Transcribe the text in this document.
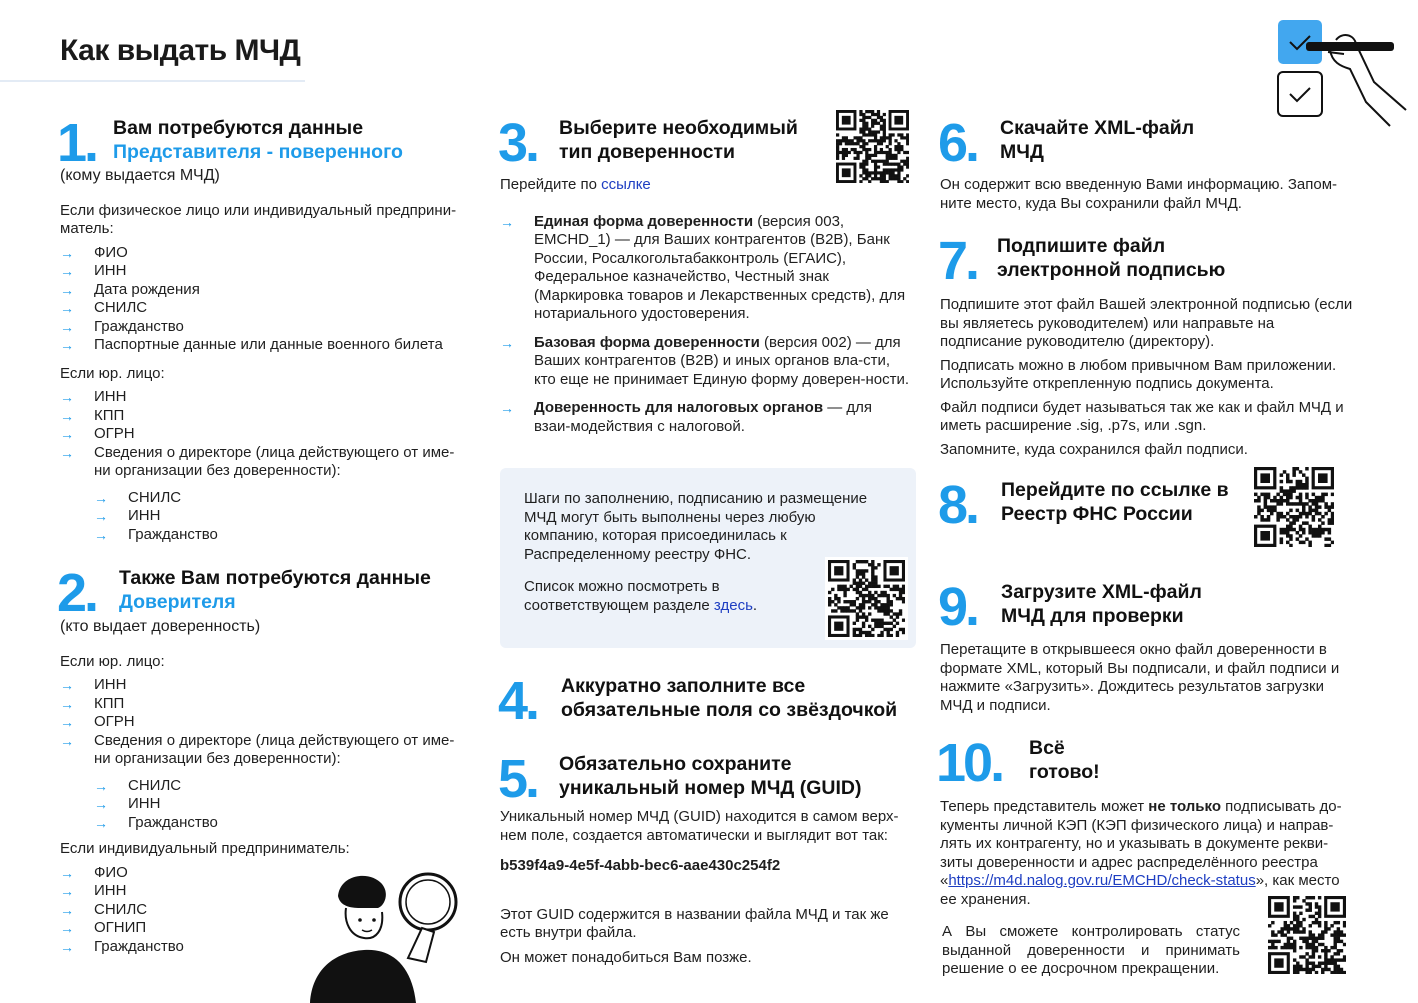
Как выдать МЧД
1. Вам потребуются данные
Представителя - поверенного
(кому выдается МЧД)

Если физическое лицо или индивидуальный предприни-матель:

→ ФИО
→ ИНН
→ Дата рождения
→ СНИЛС
→ Гражданство
→ Паспортные данные или данные военного билета

Если юр. лицо:

→ ИНН
→ КПП
→ ОГРН
→ Сведения о директоре (лица действующего от име-ни организации без доверенности):
→ СНИЛС
→ ИНН
→ Гражданство
2. Также Вам потребуются данные
Доверителя
(кто выдает доверенность)

Если юр. лицо:

→ ИНН
→ КПП
→ ОГРН
→ Сведения о директоре (лица действующего от име-ни организации без доверенности):
→ СНИЛС
→ ИНН
→ Гражданство

Если индивидуальный предприниматель:

→ ФИО
→ ИНН
→ СНИЛС
→ ОГНИП
→ Гражданство
3. Выберите необходимый
тип доверенности

Перейдите по ссылке

→ Единая форма доверенности (версия 003, EMCHD_1) — для Ваших контрагентов (B2B), Банк России, Росалкогольтабакконтроль (ЕГАИС), Федеральное казначейство, Честный знак (Маркировка товаров и Лекарственных средств), для нотариального удостоверения.
→ Базовая форма доверенности (версия 002) — для Ваших контрагентов (B2B) и иных органов вла-сти, кто еще не принимает Единую форму доверен-ности.
→ Доверенность для налоговых органов — для взаи-модействия с налоговой.

Шаги по заполнению, подписанию и размещение МЧД могут быть выполнены через любую компанию, которая присоединилась к Распределенному реестру ФНС.

Список можно посмотреть в соответствующем разделе здесь.

4. Аккуратно заполните все
обязательные поля со звёздочкой
5. Обязательно сохраните
уникальный номер МЧД (GUID)

Уникальный номер МЧД (GUID) находится в самом верх-нем поле, создается автоматически и выглядит вот так:

b539f4a9-4e5f-4abb-bec6-aae430c254f2

Этот GUID содержится в названии файла МЧД и так же есть внутри файла.

Он может понадобиться Вам позже.

6. Скачайте XML-файл
МЧД

Он содержит всю введенную Вами информацию. Запом-ните место, куда Вы сохранили файл МЧД.

7. Подпишите файл
электронной подписью

Подпишите этот файл Вашей электронной подписью (если вы являетесь руководителем) или направьте на подписание руководителю (директору).

Подписать можно в любом привычном Вам приложении. Используйте открепленную подпись документа.

Файл подписи будет называться так же как и файл МЧД и иметь расширение .sig, .p7s, или .sgn.

Запомните, куда сохранился файл подписи.

8. Перейдите по ссылке в
Реестр ФНС России
9. Загрузите XML-файл
МЧД для проверки

Перетащите в открывшееся окно файл доверенности в формате XML, который Вы подписали, и файл подписи и нажмите «Загрузить». Дождитесь результатов загрузки МЧД и подписи.

10. Всё
готово!

Теперь представитель может не только подписывать до-кументы личной КЭП (КЭП физического лица) и направ-лять их контрагенту, но и указывать в документе рекви-зиты доверенности и адрес распределённого реестра «https://m4d.nalog.gov.ru/EMCHD/check-status», как место ее хранения.

А Вы сможете контролировать статус выданной доверенности и принимать решение о ее досрочном прекращении.
